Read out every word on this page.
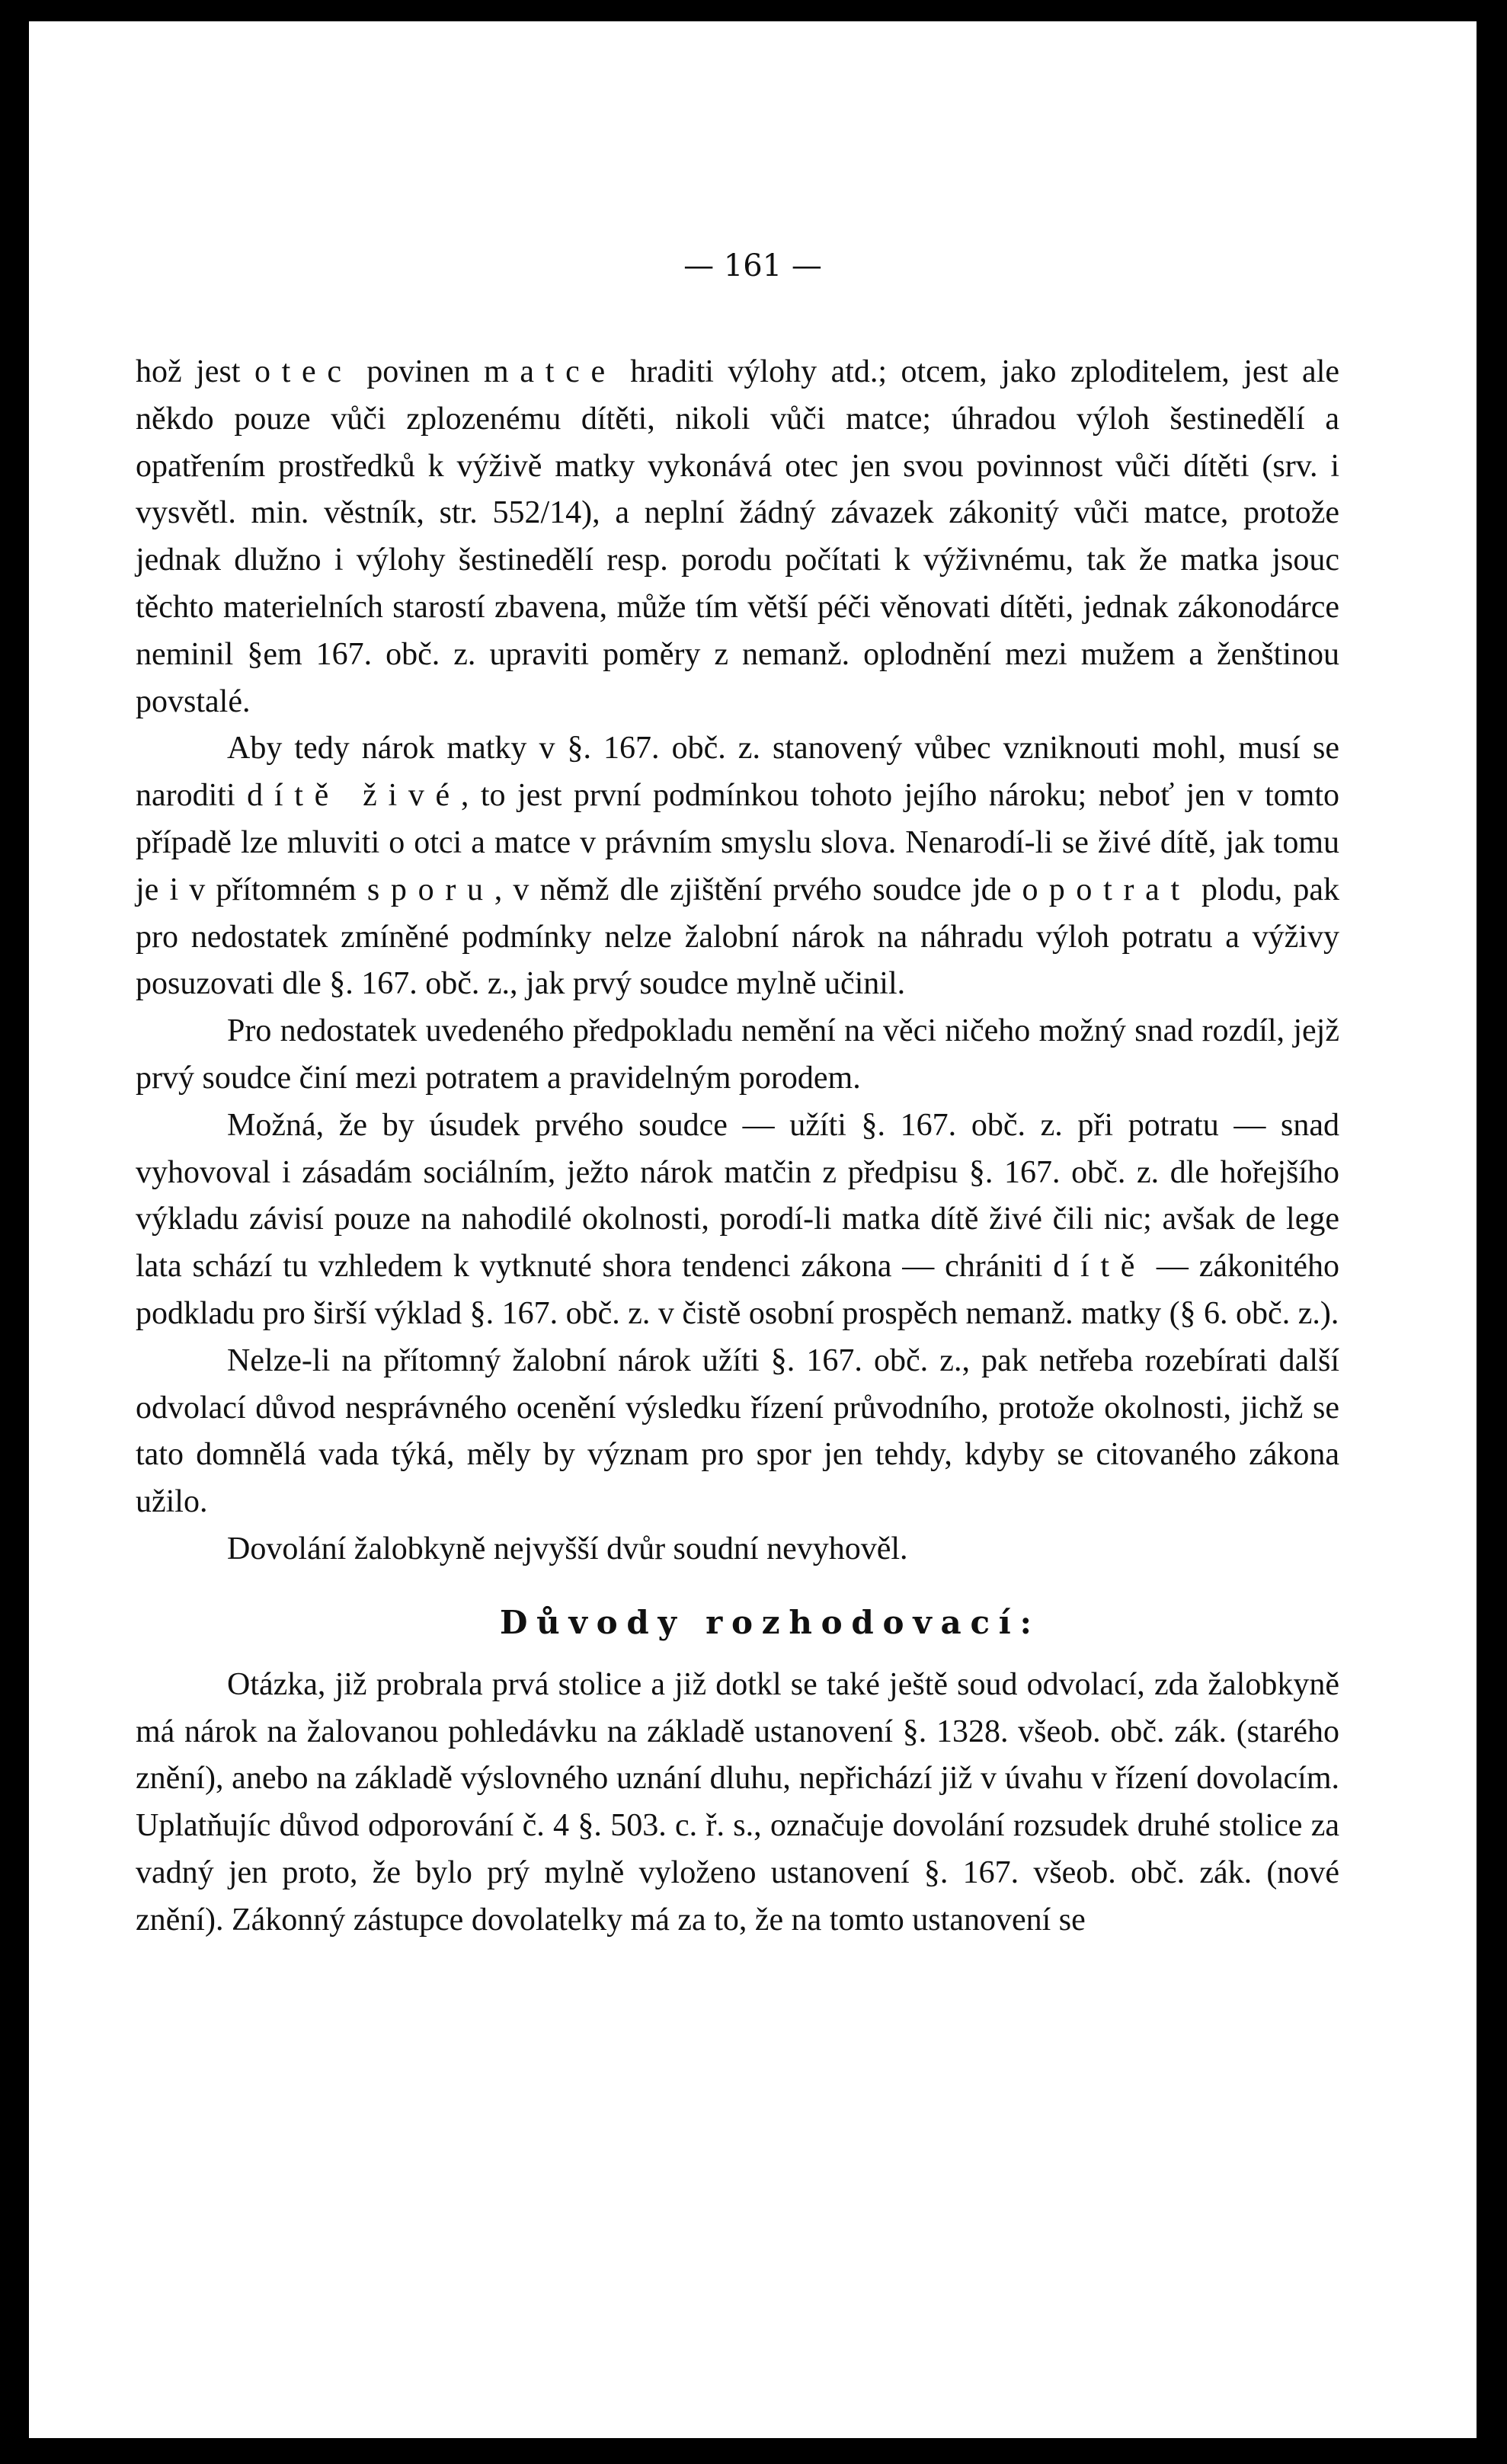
— 161 —

hož jest otec povinen matce hraditi výlohy atd.; otcem, jako zploditelem, jest ale někdo pouze vůči zplozenému dítěti, nikoli vůči matce; úhradou výloh šestinedělí a opatřením prostředků k výživě matky vykonává otec jen svou povinnost vůči dítěti (srv. i vysvětl. min. věstník, str. 552/14), a neplní žádný závazek zákonitý vůči matce, protože jednak dlužno i výlohy šestinedělí resp. porodu počítati k výživnému, tak že matka jsouc těchto materielních starostí zbavena, může tím větší péči věnovati dítěti, jednak zákonodárce neminil §em 167. obč. z. upraviti poměry z nemanž. oplodnění mezi mužem a ženštinou povstalé.

Aby tedy nárok matky v §. 167. obč. z. stanovený vůbec vzniknouti mohl, musí se naroditi dítě živé, to jest první podmínkou tohoto jejího nároku; neboť jen v tomto případě lze mluviti o otci a matce v právním smyslu slova. Nenarodí-li se živé dítě, jak tomu je i v přítomném sporu, v němž dle zjištění prvého soudce jde o potrat plodu, pak pro nedostatek zmíněné podmínky nelze žalobní nárok na náhradu výloh potratu a výživy posuzovati dle §. 167. obč. z., jak prvý soudce mylně učinil.

Pro nedostatek uvedeného předpokladu nemění na věci ničeho možný snad rozdíl, jejž prvý soudce činí mezi potratem a pravidelným porodem.

Možná, že by úsudek prvého soudce — užíti §. 167. obč. z. při potratu — snad vyhovoval i zásadám sociálním, ježto nárok matčin z předpisu §. 167. obč. z. dle hořejšího výkladu závisí pouze na nahodilé okolnosti, porodí-li matka dítě živé čili nic; avšak de lege lata schází tu vzhledem k vytknuté shora tendenci zákona — chrániti dítě — zákonitého podkladu pro širší výklad §. 167. obč. z. v čistě osobní prospěch nemanž. matky (§ 6. obč. z.).

Nelze-li na přítomný žalobní nárok užíti §. 167. obč. z., pak netřeba rozebírati další odvolací důvod nesprávného ocenění výsledku řízení průvodního, protože okolnosti, jichž se tato domnělá vada týká, měly by význam pro spor jen tehdy, kdyby se citovaného zákona užilo.

Dovolání žalobkyně nejvyšší dvůr soudní nevyhověl.

Důvody rozhodovací:

Otázka, již probrala prvá stolice a již dotkl se také ještě soud odvolací, zda žalobkyně má nárok na žalovanou pohledávku na základě ustanovení §. 1328. všeob. obč. zák. (starého znění), anebo na základě výslovného uznání dluhu, nepřichází již v úvahu v řízení dovolacím. Uplatňujíc důvod odporování č. 4 §. 503. c. ř. s., označuje dovolání rozsudek druhé stolice za vadný jen proto, že bylo prý mylně vyloženo ustanovení §. 167. všeob. obč. zák. (nové znění). Zákonný zástupce dovolatelky má za to, že na tomto ustanovení se
